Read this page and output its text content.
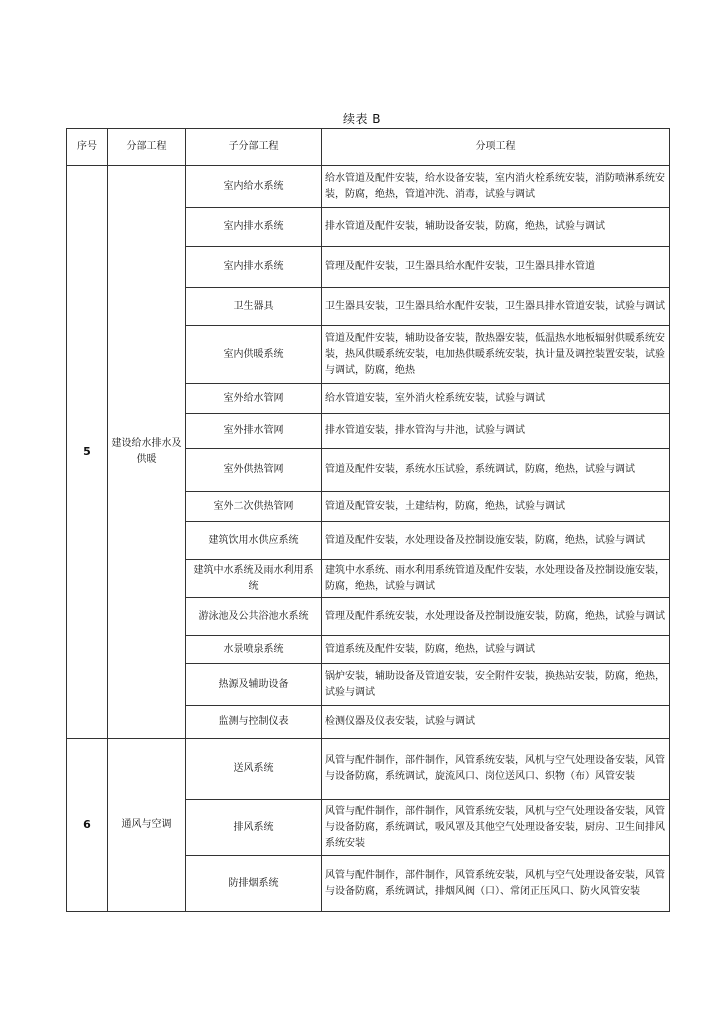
续表 B
序号	分部工程	子分部工程	分项工程
5	建设给水排水及供暖	室内给水系统	给水管道及配件安装，给水设备安装，室内消火栓系统安装，消防喷淋系统安装，防腐，绝热，管道冲洗、消毒，试验与调试
		室内排水系统	排水管道及配件安装，辅助设备安装，防腐，绝热，试验与调试
		室内排水系统	管理及配件安装，卫生器具给水配件安装，卫生器具排水管道
		卫生器具	卫生器具安装，卫生器具给水配件安装，卫生器具排水管道安装，试验与调试
		室内供暖系统	管道及配件安装，辅助设备安装，散热器安装，低温热水地板辐射供暖系统安装，热风供暖系统安装，电加热供暖系统安装，执计量及调控装置安装，试验与调试，防腐，绝热
		室外给水管网	给水管道安装，室外消火栓系统安装，试验与调试
		室外排水管网	排水管道安装，排水管沟与井池，试验与调试
		室外供热管网	管道及配件安装，系统水压试验，系统调试，防腐，绝热，试验与调试
		室外二次供热管网	管道及配管安装，土建结构，防腐，绝热，试验与调试
		建筑饮用水供应系统	管道及配件安装，水处理设备及控制设施安装，防腐，绝热，试验与调试
		建筑中水系统及雨水利用系统	建筑中水系统、雨水利用系统管道及配件安装，水处理设备及控制设施安装，防腐，绝热，试验与调试
		游泳池及公共浴池水系统	管理及配件系统安装，水处理设备及控制设施安装，防腐，绝热，试验与调试
		水景喷泉系统	管道系统及配件安装，防腐，绝热，试验与调试
		热源及辅助设备	锅炉安装，辅助设备及管道安装，安全附件安装，换热站安装，防腐，绝热，试验与调试
		监测与控制仪表	检测仪器及仪表安装，试验与调试
6	通风与空调	送风系统	风管与配件制作，部件制作，风管系统安装，风机与空气处理设备安装，风管与设备防腐，系统调试，旋流风口、岗位送风口、织物（布）风管安装
		排风系统	风管与配件制作，部件制作，风管系统安装，风机与空气处理设备安装，风管与设备防腐，系统调试，吸风罩及其他空气处理设备安装，厨房、卫生间排风系统安装
		防排烟系统	风管与配件制作，部件制作，风管系统安装，风机与空气处理设备安装，风管与设备防腐，系统调试，排烟风阀（口）、常闭正压风口、防火风管安装
